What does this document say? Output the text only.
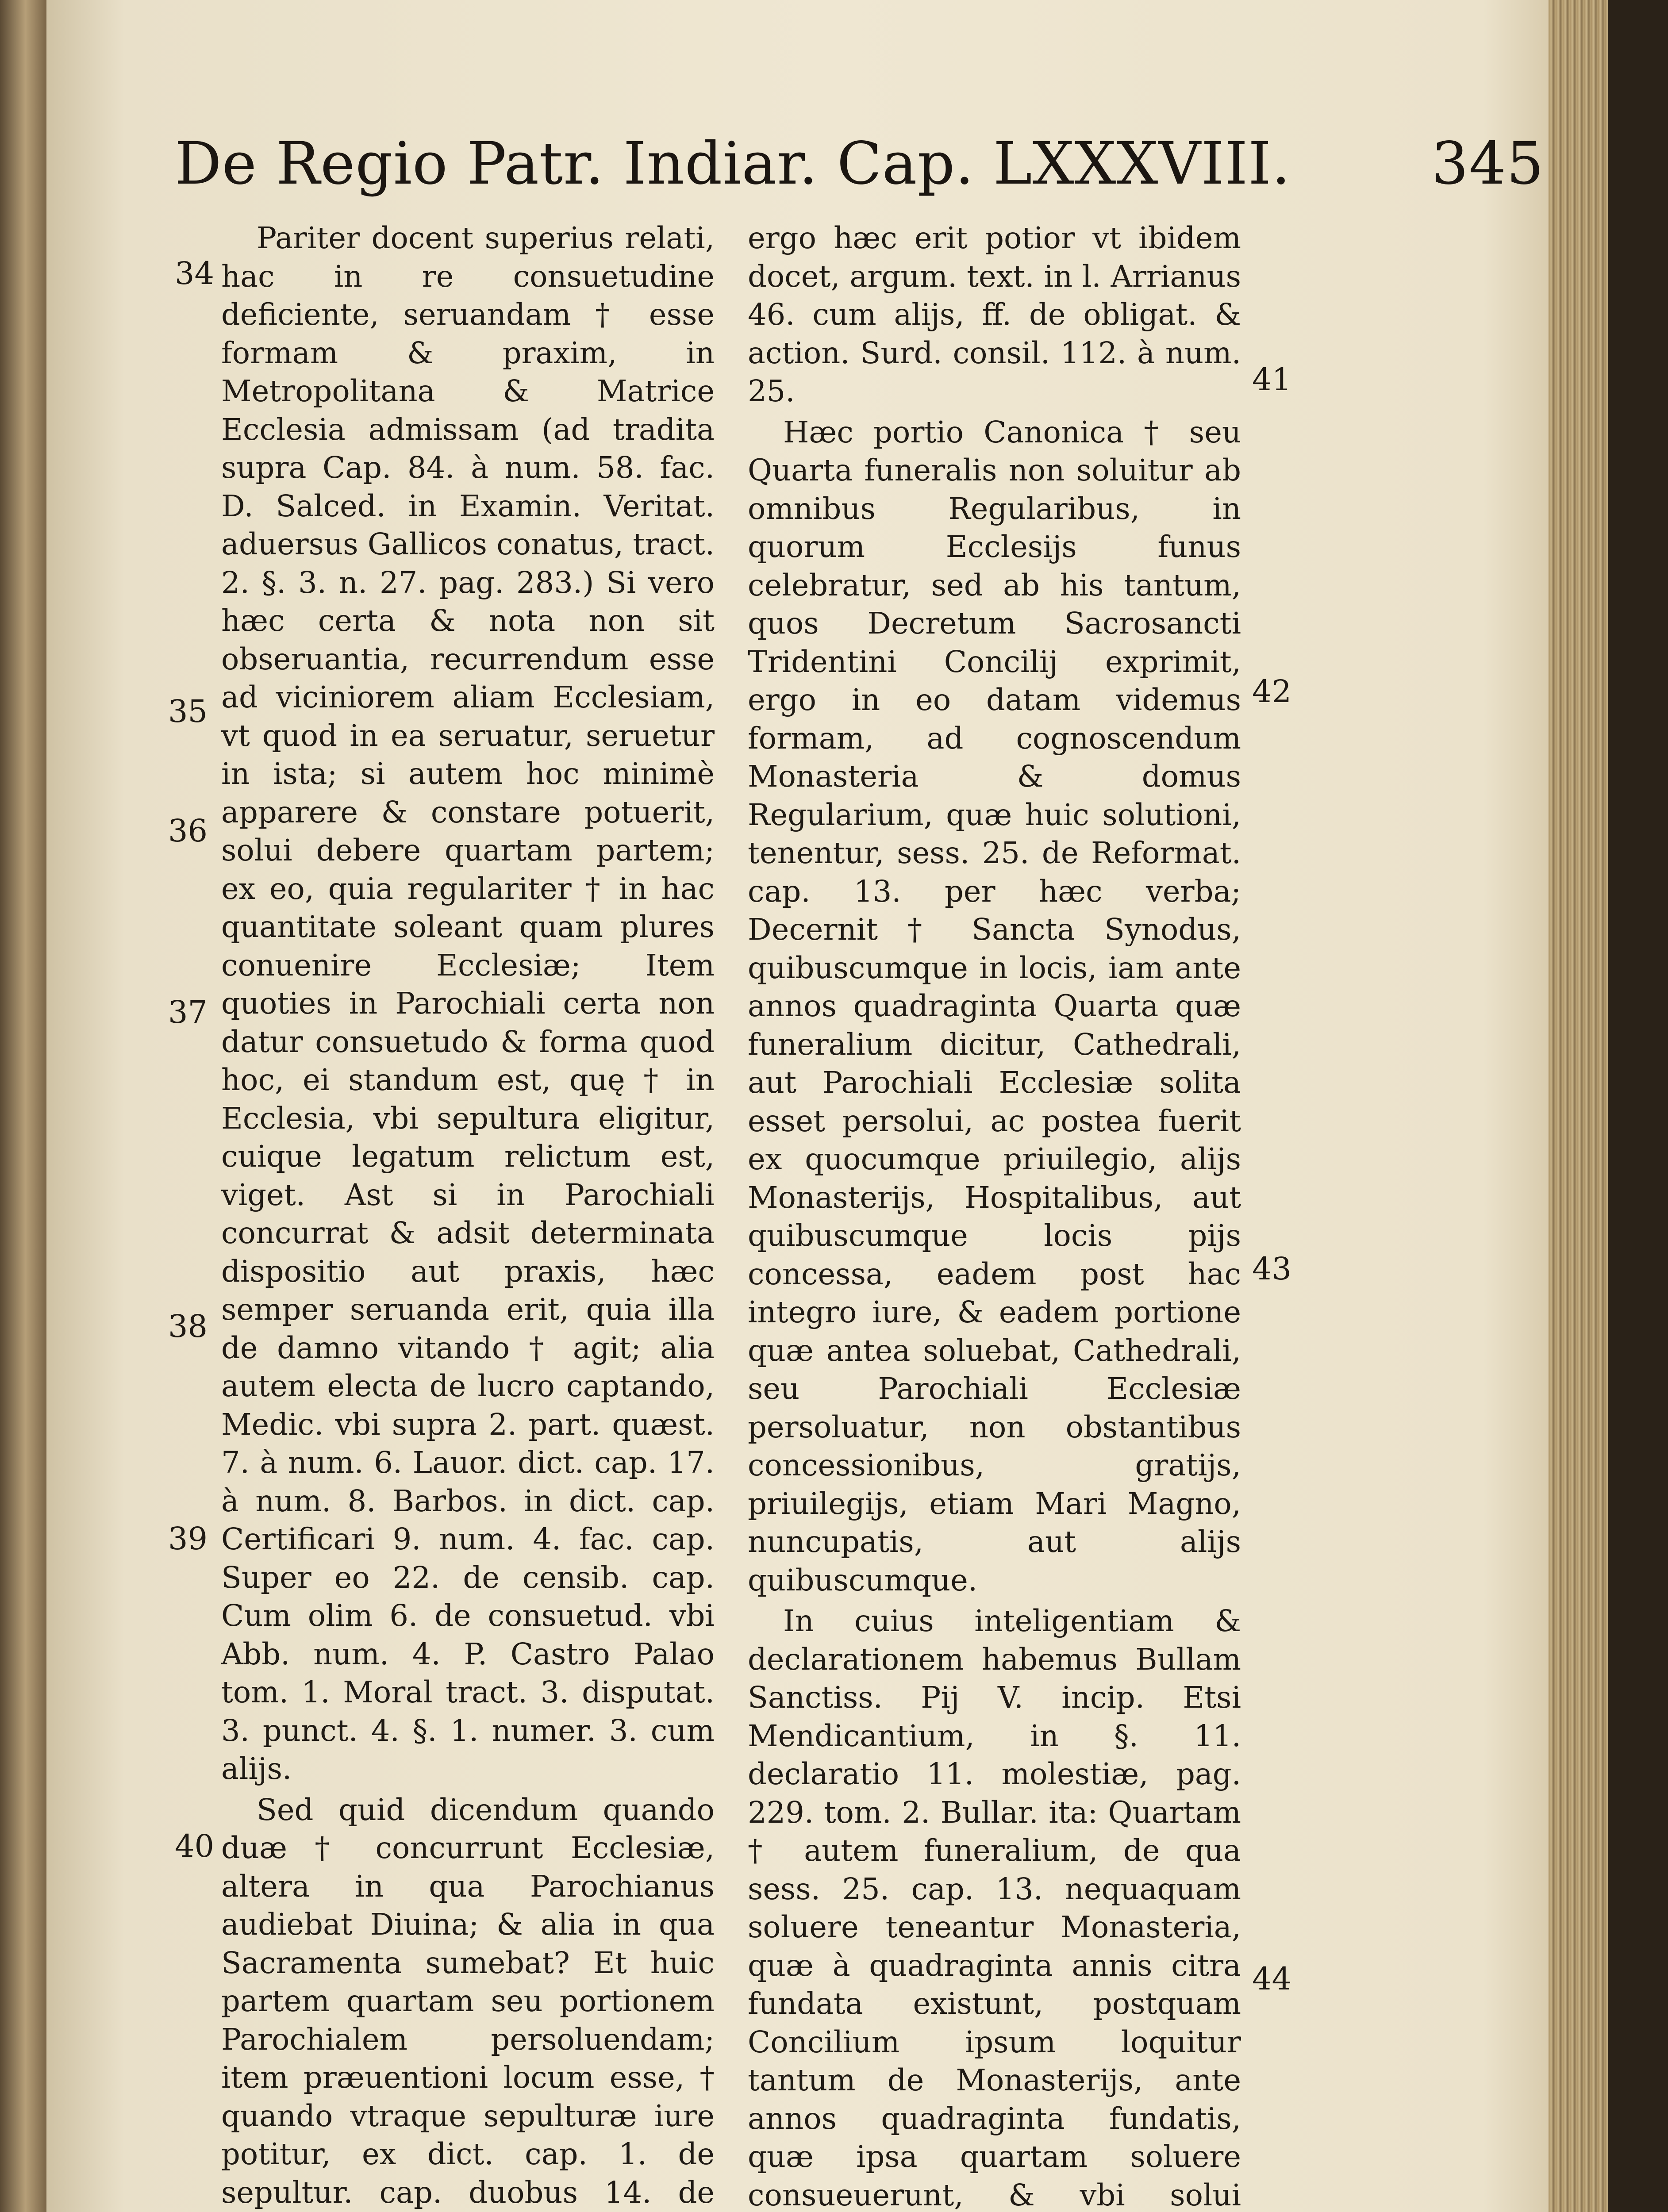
De Regio Patr. Indiar. Cap. LXXXVIII. 345
34
35
36
37
38
39
40
41
42
43
44

Pariter docent superius relati, hac in re consuetudine deficiente, seruandam † esse formam & praxim, in Metropolitana & Matrice Ecclesia admissam (ad tradita supra Cap. 84. à num. 58. fac. D. Salced. in Examin. Veritat. aduersus Gallicos conatus, tract. 2. §. 3. n. 27. pag. 283.) Si vero hæc certa & nota non sit obseruantia, recurrendum esse ad viciniorem aliam Ecclesiam, vt quod in ea seruatur, seruetur in ista; si autem hoc minimè apparere & constare potuerit, solui debere quartam partem; ex eo, quia regulariter † in hac quantitate soleant quam plures conuenire Ecclesiæ; Item quoties in Parochiali certa non datur consuetudo & forma quod hoc, ei standum est, quę † in Ecclesia, vbi sepultura eligitur, cuique legatum relictum est, viget. Ast si in Parochiali concurrat & adsit determinata dispositio aut praxis, hæc semper seruanda erit, quia illa de damno vitando † agit; alia autem electa de lucro captando, Medic. vbi supra 2. part. quæst. 7. à num. 6. Lauor. dict. cap. 17. à num. 8. Barbos. in dict. cap. Certificari 9. num. 4. fac. cap. Super eo 22. de censib. cap. Cum olim 6. de consuetud. vbi Abb. num. 4. P. Castro Palao tom. 1. Moral tract. 3. disputat. 3. punct. 4. §. 1. numer. 3. cum alijs.

Sed quid dicendum quando duæ † concurrunt Ecclesiæ, altera in qua Parochianus audiebat Diuina; & alia in qua Sacramenta sumebat? Et huic partem quartam seu portionem Parochialem persoluendam; item præuentioni locum esse, † quando vtraque sepulturæ iure potitur, ex dict. cap. 1. de sepultur. cap. duobus 14. de

ergo hæc erit potior vt ibidem docet, argum. text. in l. Arrianus 46. cum alijs, ff. de obligat. & action. Surd. consil. 112. à num. 25.

Hæc portio Canonica † seu Quarta funeralis non soluitur ab omnibus Regularibus, in quorum Ecclesijs funus celebratur, sed ab his tantum, quos Decretum Sacrosancti Tridentini Concilij exprimit, ergo in eo datam videmus formam, ad cognoscendum Monasteria & domus Regularium, quæ huic solutioni, tenentur, sess. 25. de Reformat. cap. 13. per hæc verba; Decernit † Sancta Synodus, quibuscumque in locis, iam ante annos quadraginta Quarta quæ funeralium dicitur, Cathedrali, aut Parochiali Ecclesiæ solita esset persolui, ac postea fuerit ex quocumque priuilegio, alijs Monasterijs, Hospitalibus, aut quibuscumque locis pijs concessa, eadem post hac integro iure, & eadem portione quæ antea soluebat, Cathedrali, seu Parochiali Ecclesiæ persoluatur, non obstantibus concessionibus, gratijs, priuilegijs, etiam Mari Magno, nuncupatis, aut alijs quibuscumque.

In cuius inteligentiam & declarationem habemus Bullam Sanctiss. Pij V. incip. Etsi Mendicantium, in §. 11. declaratio 11. molestiæ, pag. 229. tom. 2. Bullar. ita: Quartam † autem funeralium, de qua sess. 25. cap. 13. nequaquam soluere teneantur Monasteria, quæ à quadraginta annis citra fundata existunt, postquam Concilium ipsum loquitur tantum de Monasterijs, ante annos quadraginta fundatis, quæ ipsa quartam soluere consueuerunt, & vbi solui
